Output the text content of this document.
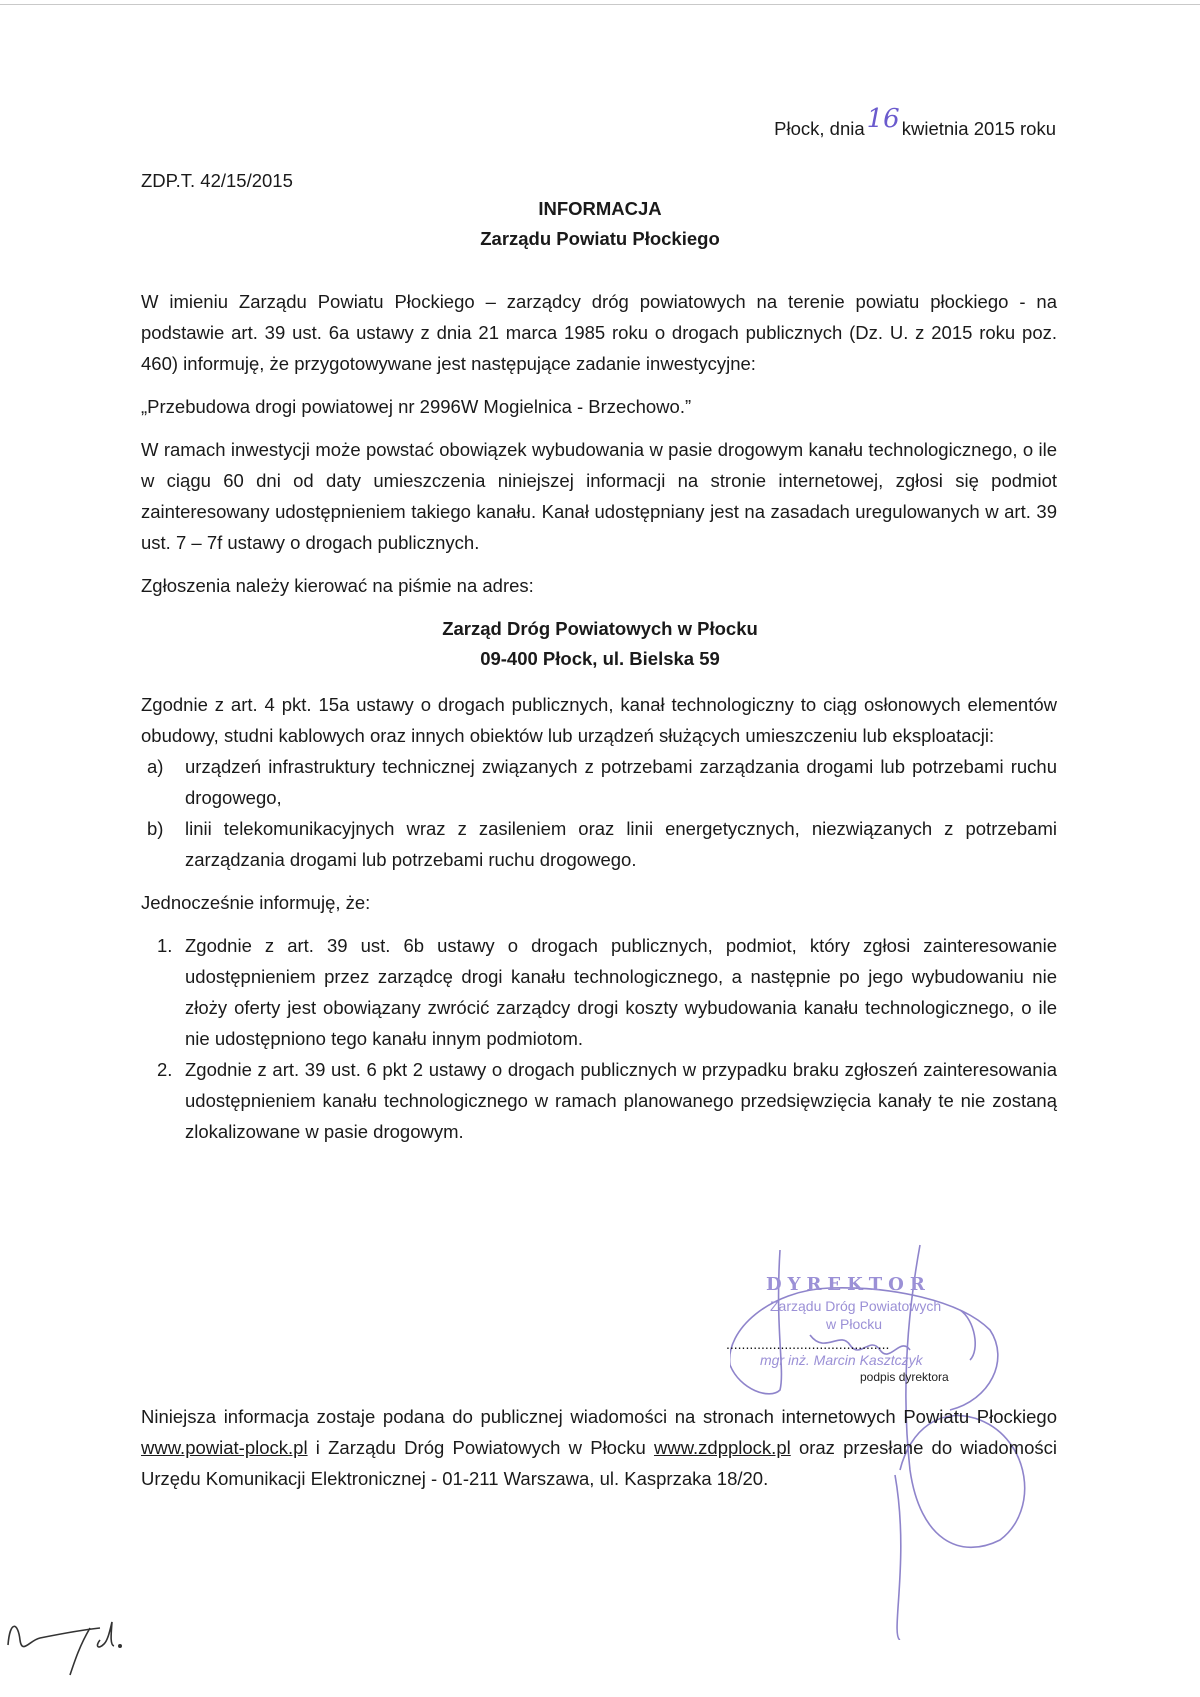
Płock, dnia16 kwietnia 2015 roku
ZDP.T. 42/15/2015
INFORMACJA
Zarządu Powiatu Płockiego

W imieniu Zarządu Powiatu Płockiego – zarządcy dróg powiatowych na terenie powiatu płockiego - na podstawie art. 39 ust. 6a ustawy z dnia 21 marca 1985 roku o drogach publicznych (Dz. U. z 2015 roku poz. 460) informuję, że przygotowywane jest następujące zadanie inwestycyjne:

„Przebudowa drogi powiatowej nr 2996W Mogielnica - Brzechowo.”

W ramach inwestycji może powstać obowiązek wybudowania w pasie drogowym kanału technologicznego, o ile w ciągu 60 dni od daty umieszczenia niniejszej informacji na stronie internetowej, zgłosi się podmiot zainteresowany udostępnieniem takiego kanału. Kanał udostępniany jest na zasadach uregulowanych w art. 39 ust. 7 – 7f ustawy o drogach publicznych.

Zgłoszenia należy kierować na piśmie na adres:

Zarząd Dróg Powiatowych w Płocku
09-400 Płock, ul. Bielska 59

Zgodnie z art. 4 pkt. 15a ustawy o drogach publicznych, kanał technologiczny to ciąg osłonowych elementów obudowy, studni kablowych oraz innych obiektów lub urządzeń służących umieszczeniu lub eksploatacji:

a) urządzeń infrastruktury technicznej związanych z potrzebami zarządzania drogami lub potrzebami ruchu drogowego,
b) linii telekomunikacyjnych wraz z zasileniem oraz linii energetycznych, niezwiązanych z potrzebami zarządzania drogami lub potrzebami ruchu drogowego.

Jednocześnie informuję, że:

1. Zgodnie z art. 39 ust. 6b ustawy o drogach publicznych, podmiot, który zgłosi zainteresowanie udostępnieniem przez zarządcę drogi kanału technologicznego, a następnie po jego wybudowaniu nie złoży oferty jest obowiązany zwrócić zarządcy drogi koszty wybudowania kanału technologicznego, o ile nie udostępniono tego kanału innym podmiotom.
2. Zgodnie z art. 39 ust. 6 pkt 2 ustawy o drogach publicznych w przypadku braku zgłoszeń zainteresowania udostępnieniem kanału technologicznego w ramach planowanego przedsięwzięcia kanały te nie zostaną zlokalizowane w pasie drogowym.
DYREKTOR
Zarządu Dróg Powiatowych
w Płocku
..........................................
mgr inż. Marcin Kasztczyk
podpis dyrektora
Niniejsza informacja zostaje podana do publicznej wiadomości na stronach internetowych Powiatu Płockiego www.powiat-plock.pl i Zarządu Dróg Powiatowych w Płocku www.zdpplock.pl oraz przesłane do wiadomości Urzędu Komunikacji Elektronicznej - 01-211 Warszawa, ul. Kasprzaka 18/20.
